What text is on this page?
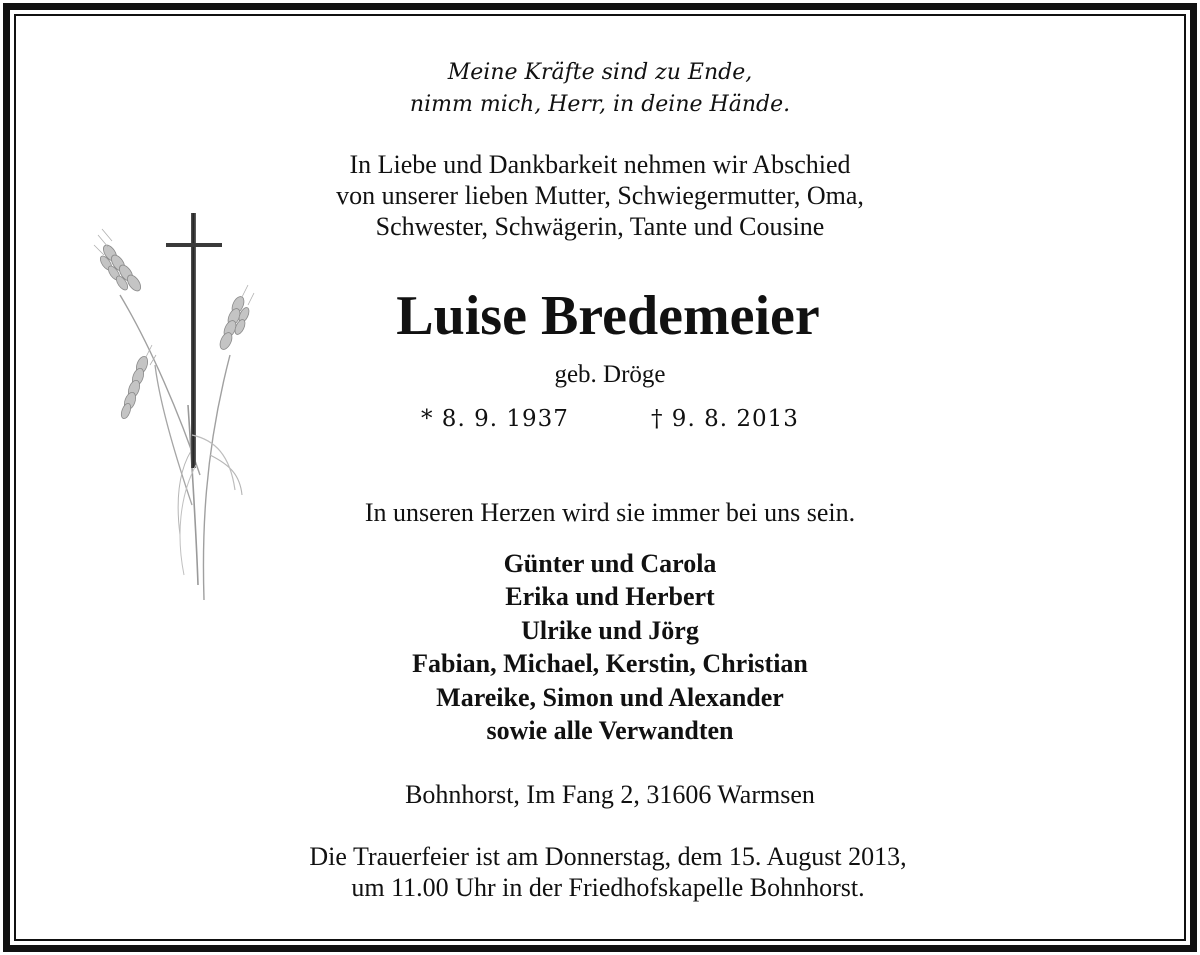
Meine Kräfte sind zu Ende,
nimm mich, Herr, in deine Hände.
In Liebe und Dankbarkeit nehmen wir Abschied
von unserer lieben Mutter, Schwiegermutter, Oma,
Schwester, Schwägerin, Tante und Cousine
Luise Bredemeier
geb. Dröge
* 8. 9. 1937	† 9. 8. 2013
In unseren Herzen wird sie immer bei uns sein.
Günter und Carola
Erika und Herbert
Ulrike und Jörg
Fabian, Michael, Kerstin, Christian
Mareike, Simon und Alexander
sowie alle Verwandten
Bohnhorst, Im Fang 2, 31606 Warmsen
Die Trauerfeier ist am Donnerstag, dem 15. August 2013,
um 11.00 Uhr in der Friedhofskapelle Bohnhorst.
